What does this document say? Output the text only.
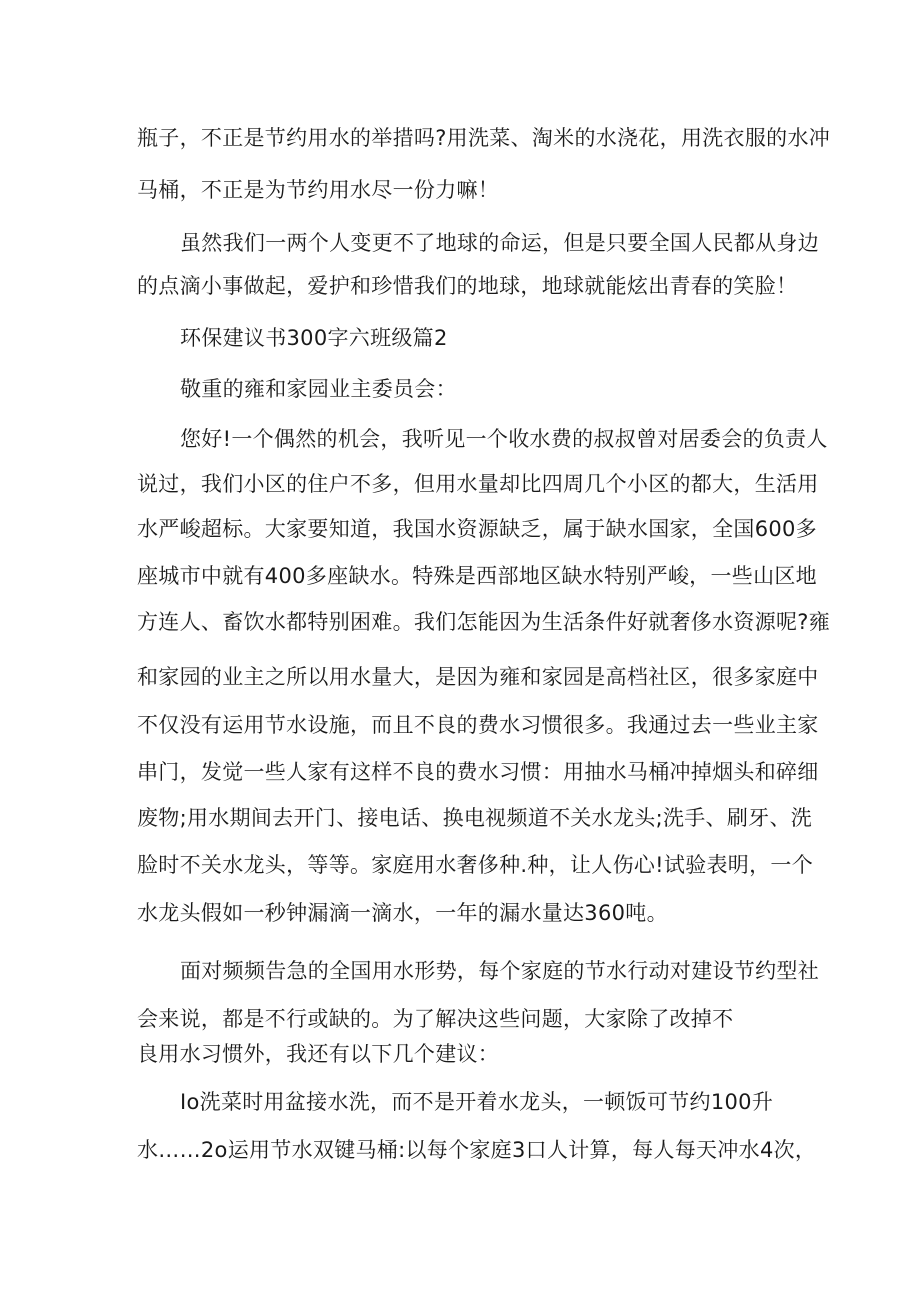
瓶子，不正是节约用水的举措吗?用洗菜、淘米的水浇花，用洗衣服的水冲
马桶，不正是为节约用水尽一份力嘛！
虽然我们一两个人变更不了地球的命运，但是只要全国人民都从身边
的点滴小事做起，爱护和珍惜我们的地球，地球就能炫出青春的笑脸！
环保建议书300字六班级篇2
敬重的雍和家园业主委员会：
您好!一个偶然的机会，我听见一个收水费的叔叔曾对居委会的负责人
说过，我们小区的住户不多，但用水量却比四周几个小区的都大，生活用
水严峻超标。大家要知道，我国水资源缺乏，属于缺水国家，全国600多
座城市中就有400多座缺水。特殊是西部地区缺水特别严峻，一些山区地
方连人、畜饮水都特别困难。我们怎能因为生活条件好就奢侈水资源呢?雍
和家园的业主之所以用水量大，是因为雍和家园是高档社区，很多家庭中
不仅没有运用节水设施，而且不良的费水习惯很多。我通过去一些业主家
串门，发觉一些人家有这样不良的费水习惯：用抽水马桶冲掉烟头和碎细
废物;用水期间去开门、接电话、换电视频道不关水龙头;洗手、刷牙、洗
脸时不关水龙头，等等。家庭用水奢侈种.种，让人伤心!试验表明，一个
水龙头假如一秒钟漏滴一滴水，一年的漏水量达360吨。
面对频频告急的全国用水形势，每个家庭的节水行动对建设节约型社
会来说，都是不行或缺的。为了解决这些问题，大家除了改掉不
良用水习惯外，我还有以下几个建议：
Io洗菜时用盆接水洗，而不是开着水龙头，一顿饭可节约100升
水……2o运用节水双键马桶:以每个家庭3口人计算，每人每天冲水4次，
